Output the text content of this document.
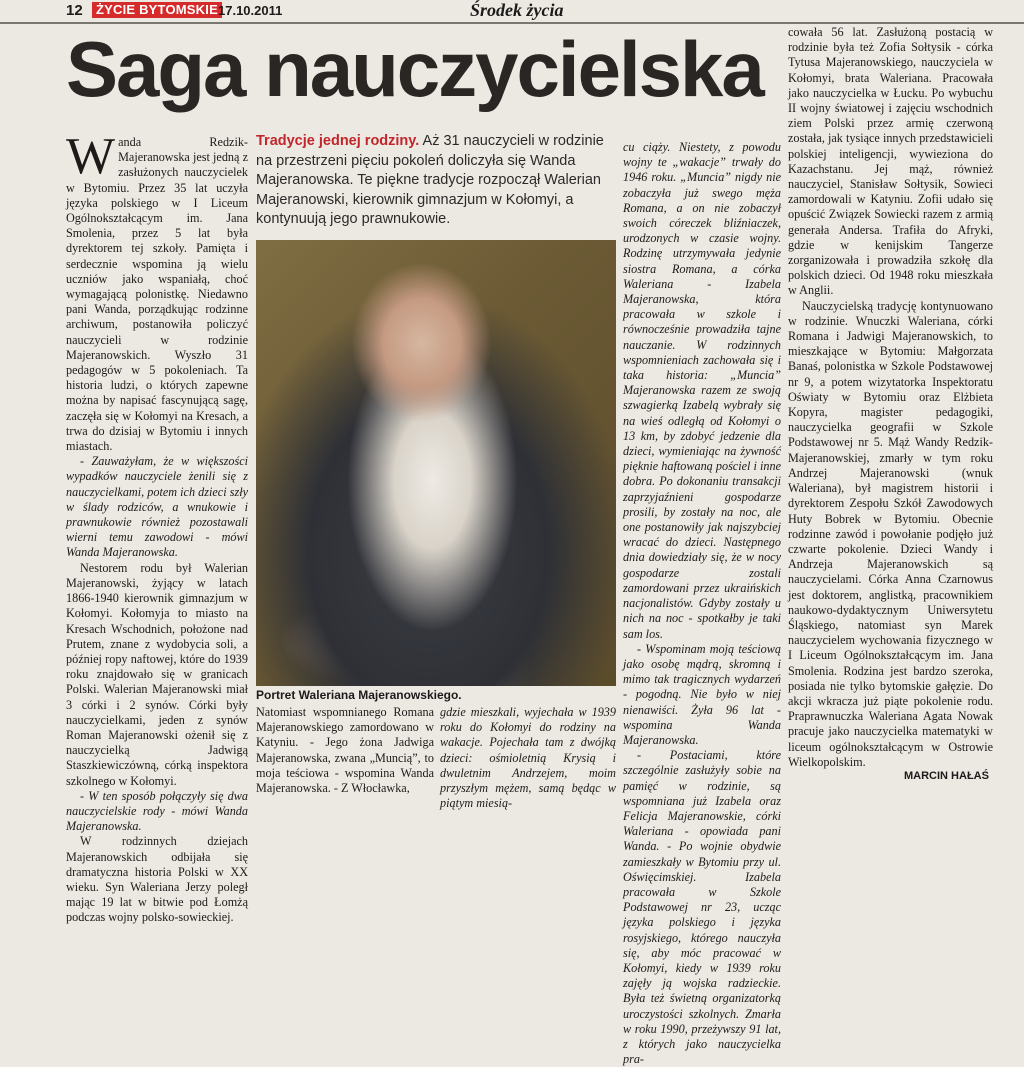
12	ŻYCIE BYTOMSKIE 17.10.2011	Środek życia
Saga nauczycielska

Wanda Redzik-Majeranowska jest jedną z zasłużonych nauczycielek w Bytomiu. Przez 35 lat uczyła języka polskiego w I Liceum Ogólnokształcącym im. Jana Smolenia, przez 5 lat była dyrektorem tej szkoły. Pamięta i serdecznie wspomina ją wielu uczniów jako wspaniałą, choć wymagającą polonistkę. Niedawno pani Wanda, porządkując rodzinne archiwum, postanowiła policzyć nauczycieli w rodzinie Majeranowskich. Wyszło 31 pedagogów w 5 pokoleniach. Ta historia ludzi, o których zapewne można by napisać fascynującą sagę, zaczęła się w Kołomyi na Kresach, a trwa do dzisiaj w Bytomiu i innych miastach.

- Zauważyłam, że w większości wypadków nauczyciele żenili się z nauczycielkami, potem ich dzieci szły w ślady rodziców, a wnukowie i prawnukowie również pozostawali wierni temu zawodowi - mówi Wanda Majeranowska.

Nestorem rodu był Walerian Majeranowski, żyjący w latach 1866-1940 kierownik gimnazjum w Kołomyi. Kołomyja to miasto na Kresach Wschodnich, położone nad Prutem, znane z wydobycia soli, a później ropy naftowej, które do 1939 roku znajdowało się w granicach Polski. Walerian Majeranowski miał 3 córki i 2 synów. Córki były nauczycielkami, jeden z synów Roman Majeranowski ożenił się z nauczycielką Jadwigą Staszkiewiczówną, córką inspektora szkolnego w Kołomyi.

- W ten sposób połączyły się dwa nauczycielskie rody - mówi Wanda Majeranowska.

W rodzinnych dziejach Majeranowskich odbijała się dramatyczna historia Polski w XX wieku. Syn Waleriana Jerzy poległ mając 19 lat w bitwie pod Łomżą podczas wojny polsko-sowieckiej.

Tradycje jednej rodziny. Aż 31 nauczycieli w rodzinie na przestrzeni pięciu pokoleń doliczyła się Wanda Majeranowska. Te piękne tradycje rozpoczął Walerian Majeranowski, kierownik gimnazjum w Kołomyi, a kontynuują jego prawnukowie.
Portret Waleriana Majeranowskiego.

Natomiast wspomnianego Romana Majeranowskiego zamordowano w Katyniu. - Jego żona Jadwiga Majeranowska, zwana „Muncią”, to moja teściowa - wspomina Wanda Majeranowska. - Z Włocławka,

gdzie mieszkali, wyjechała w 1939 roku do Kołomyi do rodziny na wakacje. Pojechała tam z dwójką dzieci: ośmioletnią Krysią i dwuletnim Andrzejem, moim przyszłym mężem, samą będąc w piątym miesią-

cu ciąży. Niestety, z powodu wojny te „wakacje” trwały do 1946 roku. „Muncia” nigdy nie zobaczyła już swego męża Romana, a on nie zobaczył swoich córeczek bliźniaczek, urodzonych w czasie wojny. Rodzinę utrzymywała jedynie siostra Romana, a córka Waleriana - Izabela Majeranowska, która pracowała w szkole i równocześnie prowadziła tajne nauczanie. W rodzinnych wspomnieniach zachowała się i taka historia: „Muncia” Majeranowska razem ze swoją szwagierką Izabelą wybrały się na wieś odległą od Kołomyi o 13 km, by zdobyć jedzenie dla dzieci, wymieniając na żywność pięknie haftowaną pościel i inne dobra. Po dokonaniu transakcji zaprzyjaźnieni gospodarze prosili, by zostały na noc, ale one postanowiły jak najszybciej wracać do dzieci. Następnego dnia dowiedziały się, że w nocy gospodarze zostali zamordowani przez ukraińskich nacjonalistów. Gdyby zostały u nich na noc - spotkałby je taki sam los.

- Wspominam moją teściową jako osobę mądrą, skromną i mimo tak tragicznych wydarzeń - pogodną. Nie było w niej nienawiści. Żyła 96 lat - wspomina Wanda Majeranowska.

- Postaciami, które szczególnie zasłużyły sobie na pamięć w rodzinie, są wspomniana już Izabela oraz Felicja Majeranowskie, córki Waleriana - opowiada pani Wanda. - Po wojnie obydwie zamieszkały w Bytomiu przy ul. Oświęcimskiej. Izabela pracowała w Szkole Podstawowej nr 23, ucząc języka polskiego i języka rosyjskiego, którego nauczyła się, aby móc pracować w Kołomyi, kiedy w 1939 roku zajęły ją wojska radzieckie. Była też świetną organizatorką uroczystości szkolnych. Zmarła w roku 1990, przeżywszy 91 lat, z których jako nauczycielka pra-

cowała 56 lat. Zasłużoną postacią w rodzinie była też Zofia Sołtysik - córka Tytusa Majeranowskiego, nauczyciela w Kołomyi, brata Waleriana. Pracowała jako nauczycielka w Łucku. Po wybuchu II wojny światowej i zajęciu wschodnich ziem Polski przez armię czerwoną została, jak tysiące innych przedstawicieli polskiej inteligencji, wywieziona do Kazachstanu. Jej mąż, również nauczyciel, Stanisław Sołtysik, Sowieci zamordowali w Katyniu. Zofii udało się opuścić Związek Sowiecki razem z armią generała Andersa. Trafiła do Afryki, gdzie w kenijskim Tangerze zorganizowała i prowadziła szkołę dla polskich dzieci. Od 1948 roku mieszkała w Anglii.

Nauczycielską tradycję kontynuowano w rodzinie. Wnuczki Waleriana, córki Romana i Jadwigi Majeranowskich, to mieszkające w Bytomiu: Małgorzata Banaś, polonistka w Szkole Podstawowej nr 9, a potem wizytatorka Inspektoratu Oświaty w Bytomiu oraz Elżbieta Kopyra, magister pedagogiki, nauczycielka geografii w Szkole Podstawowej nr 5. Mąż Wandy Redzik-Majeranowskiej, zmarły w tym roku Andrzej Majeranowski (wnuk Waleriana), był magistrem historii i dyrektorem Zespołu Szkół Zawodowych Huty Bobrek w Bytomiu. Obecnie rodzinne zawód i powołanie podjęło już czwarte pokolenie. Dzieci Wandy i Andrzeja Majeranowskich są nauczycielami. Córka Anna Czarnowus jest doktorem, anglistką, pracownikiem naukowo-dydaktycznym Uniwersytetu Śląskiego, natomiast syn Marek nauczycielem wychowania fizycznego w I Liceum Ogólnokształcącym im. Jana Smolenia. Rodzina jest bardzo szeroka, posiada nie tylko bytomskie gałęzie. Do akcji wkracza już piąte pokolenie rodu. Praprawnuczka Waleriana Agata Nowak pracuje jako nauczycielka matematyki w liceum ogólnokształcącym w Ostrowie Wielkopolskim.

MARCIN HAŁAŚ
